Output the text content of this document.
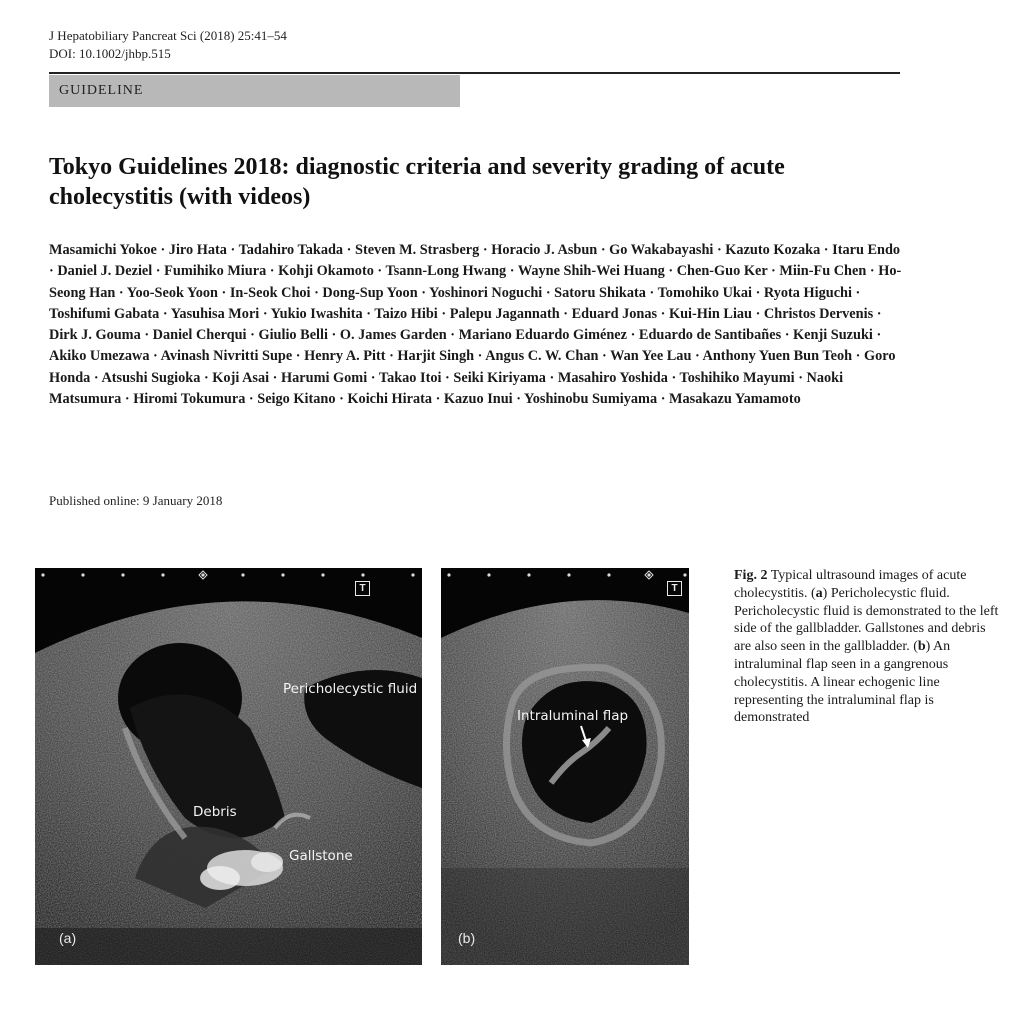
J Hepatobiliary Pancreat Sci (2018) 25:41–54
DOI: 10.1002/jhbp.515
GUIDELINE
Tokyo Guidelines 2018: diagnostic criteria and severity grading of acute cholecystitis (with videos)
Masamichi Yokoe · Jiro Hata · Tadahiro Takada · Steven M. Strasberg · Horacio J. Asbun · Go Wakabayashi · Kazuto Kozaka · Itaru Endo · Daniel J. Deziel · Fumihiko Miura · Kohji Okamoto · Tsann-Long Hwang · Wayne Shih-Wei Huang · Chen-Guo Ker · Miin-Fu Chen · Ho-Seong Han · Yoo-Seok Yoon · In-Seok Choi · Dong-Sup Yoon · Yoshinori Noguchi · Satoru Shikata · Tomohiko Ukai · Ryota Higuchi · Toshifumi Gabata · Yasuhisa Mori · Yukio Iwashita · Taizo Hibi · Palepu Jagannath · Eduard Jonas · Kui-Hin Liau · Christos Dervenis · Dirk J. Gouma · Daniel Cherqui · Giulio Belli · O. James Garden · Mariano Eduardo Giménez · Eduardo de Santibañes · Kenji Suzuki · Akiko Umezawa · Avinash Nivritti Supe · Henry A. Pitt · Harjit Singh · Angus C. W. Chan · Wan Yee Lau · Anthony Yuen Bun Teoh · Goro Honda · Atsushi Sugioka · Koji Asai · Harumi Gomi · Takao Itoi · Seiki Kiriyama · Masahiro Yoshida · Toshihiko Mayumi · Naoki Matsumura · Hiromi Tokumura · Seigo Kitano · Koichi Hirata · Kazuo Inui · Yoshinobu Sumiyama · Masakazu Yamamoto
Published online: 9 January 2018
T
Pericholecystic fluid
Debris
Gallstone
(a)
T
Intraluminal flap
(b)
Fig. 2 Typical ultrasound images of acute cholecystitis. (a) Pericholecystic fluid. Pericholecystic fluid is demonstrated to the left side of the gallbladder. Gallstones and debris are also seen in the gallbladder. (b) An intraluminal flap seen in a gangrenous cholecystitis. A linear echogenic line representing the intraluminal flap is demonstrated
